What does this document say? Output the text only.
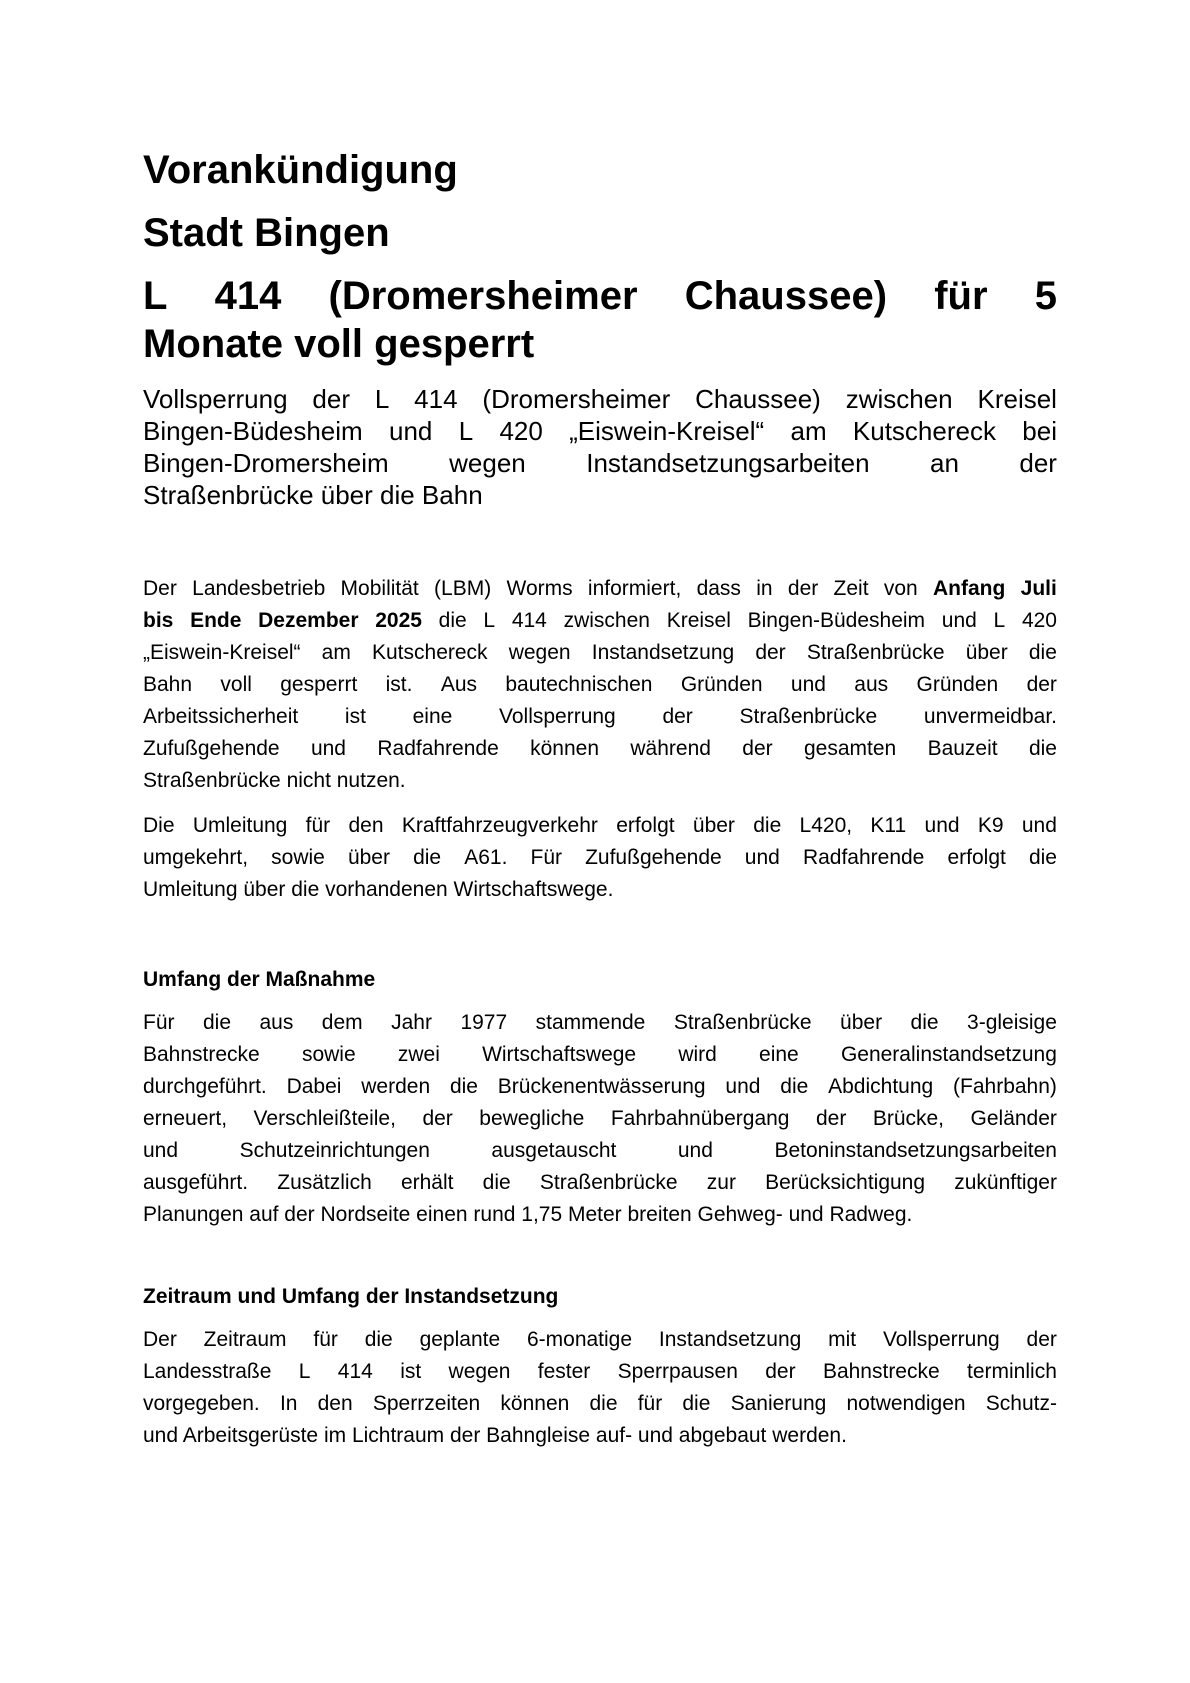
Vorankündigung
Stadt Bingen
L 414 (Dromersheimer Chaussee) für 5
Monate voll gesperrt

Vollsperrung der L 414 (Dromersheimer Chaussee) zwischen Kreisel
Bingen-Büdesheim und L 420 „Eiswein-Kreisel“ am Kutschereck bei
Bingen-Dromersheim wegen Instandsetzungsarbeiten an der
Straßenbrücke über die Bahn

Der Landesbetrieb Mobilität (LBM) Worms informiert, dass in der Zeit von Anfang Juli
bis Ende Dezember 2025 die L 414 zwischen Kreisel Bingen-Büdesheim und L 420
„Eiswein-Kreisel“ am Kutschereck wegen Instandsetzung der Straßenbrücke über die
Bahn voll gesperrt ist. Aus bautechnischen Gründen und aus Gründen der
Arbeitssicherheit ist eine Vollsperrung der Straßenbrücke unvermeidbar.
Zufußgehende und Radfahrende können während der gesamten Bauzeit die
Straßenbrücke nicht nutzen.

Die Umleitung für den Kraftfahrzeugverkehr erfolgt über die L420, K11 und K9 und
umgekehrt, sowie über die A61. Für Zufußgehende und Radfahrende erfolgt die
Umleitung über die vorhandenen Wirtschaftswege.

Umfang der Maßnahme

Für die aus dem Jahr 1977 stammende Straßenbrücke über die 3-gleisige
Bahnstrecke sowie zwei Wirtschaftswege wird eine Generalinstandsetzung
durchgeführt. Dabei werden die Brückenentwässerung und die Abdichtung (Fahrbahn)
erneuert, Verschleißteile, der bewegliche Fahrbahnübergang der Brücke, Geländer
und	Schutzeinrichtungen	ausgetauscht	und	Betoninstandsetzungsarbeiten
ausgeführt. Zusätzlich erhält die Straßenbrücke zur Berücksichtigung zukünftiger
Planungen auf der Nordseite einen rund 1,75 Meter breiten Gehweg- und Radweg.

Zeitraum und Umfang der Instandsetzung

Der Zeitraum für die geplante 6-monatige Instandsetzung mit Vollsperrung der
Landesstraße L 414 ist wegen fester Sperrpausen der Bahnstrecke terminlich
vorgegeben. In den Sperrzeiten können die für die Sanierung notwendigen Schutz-
und Arbeitsgerüste im Lichtraum der Bahngleise auf- und abgebaut werden.
